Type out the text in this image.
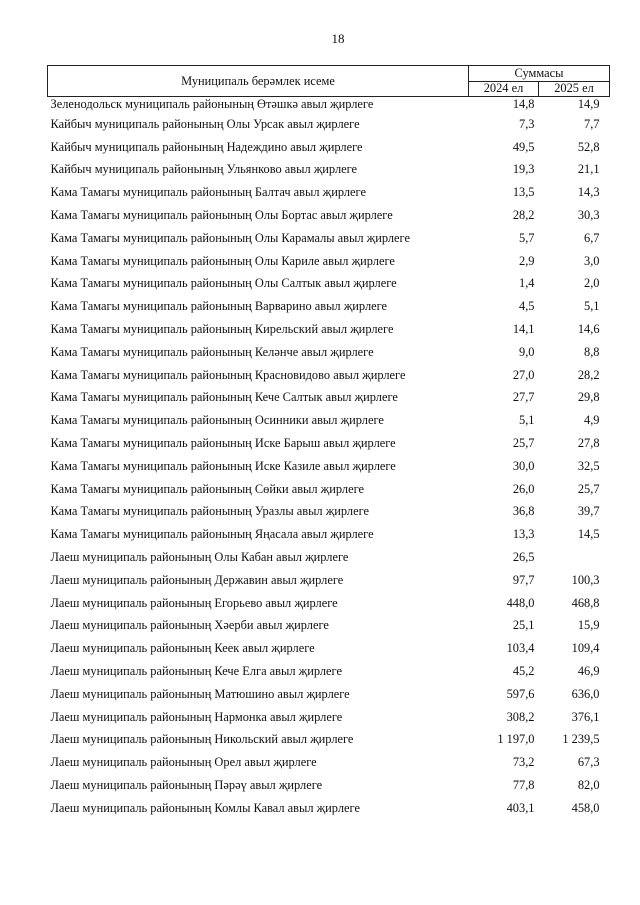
18
Муниципаль берәмлек исеме	Суммасы	
	2024 ел	2025 ел
Зеленодольск муниципаль районының Өтәшкә авыл җирлеге	14,8	14,9
Кайбыч муниципаль районының Олы Урсак авыл җирлеге	7,3	7,7
Кайбыч муниципаль районының Надеждино авыл җирлеге	49,5	52,8
Кайбыч муниципаль районының Ульянково авыл җирлеге	19,3	21,1
Кама Тамагы муниципаль районының Балтач авыл җирлеге	13,5	14,3
Кама Тамагы муниципаль районының Олы Бортас авыл җирлеге	28,2	30,3
Кама Тамагы муниципаль районының Олы Карамалы авыл җирлеге	5,7	6,7
Кама Тамагы муниципаль районының Олы Кариле авыл җирлеге	2,9	3,0
Кама Тамагы муниципаль районының Олы Салтык авыл җирлеге	1,4	2,0
Кама Тамагы муниципаль районының Варварино авыл җирлеге	4,5	5,1
Кама Тамагы муниципаль районының Кирельский авыл җирлеге	14,1	14,6
Кама Тамагы муниципаль районының Келәнче авыл җирлеге	9,0	8,8
Кама Тамагы муниципаль районының Красновидово авыл җирлеге	27,0	28,2
Кама Тамагы муниципаль районының Кече Салтык авыл җирлеге	27,7	29,8
Кама Тамагы муниципаль районының Осинники авыл җирлеге	5,1	4,9
Кама Тамагы муниципаль районының Иске Барыш авыл җирлеге	25,7	27,8
Кама Тамагы муниципаль районының Иске Казиле авыл җирлеге	30,0	32,5
Кама Тамагы муниципаль районының Сөйки авыл җирлеге	26,0	25,7
Кама Тамагы муниципаль районының Уразлы авыл җирлеге	36,8	39,7
Кама Тамагы муниципаль районының Яңасала авыл җирлеге	13,3	14,5
Лаеш муниципаль районының Олы Кабан авыл җирлеге	26,5	
Лаеш муниципаль районының Державин авыл җирлеге	97,7	100,3
Лаеш муниципаль районының Егорьево авыл җирлеге	448,0	468,8
Лаеш муниципаль районының Хәерби авыл җирлеге	25,1	15,9
Лаеш муниципаль районының Кеек авыл җирлеге	103,4	109,4
Лаеш муниципаль районының Кече Елга авыл җирлеге	45,2	46,9
Лаеш муниципаль районының Матюшино авыл җирлеге	597,6	636,0
Лаеш муниципаль районының Нармонка авыл җирлеге	308,2	376,1
Лаеш муниципаль районының Никольский авыл җирлеге	1 197,0	1 239,5
Лаеш муниципаль районының Орел авыл җирлеге	73,2	67,3
Лаеш муниципаль районының Пәрәү авыл җирлеге	77,8	82,0
Лаеш муниципаль районының Комлы Кавал авыл җирлеге	403,1	458,0
